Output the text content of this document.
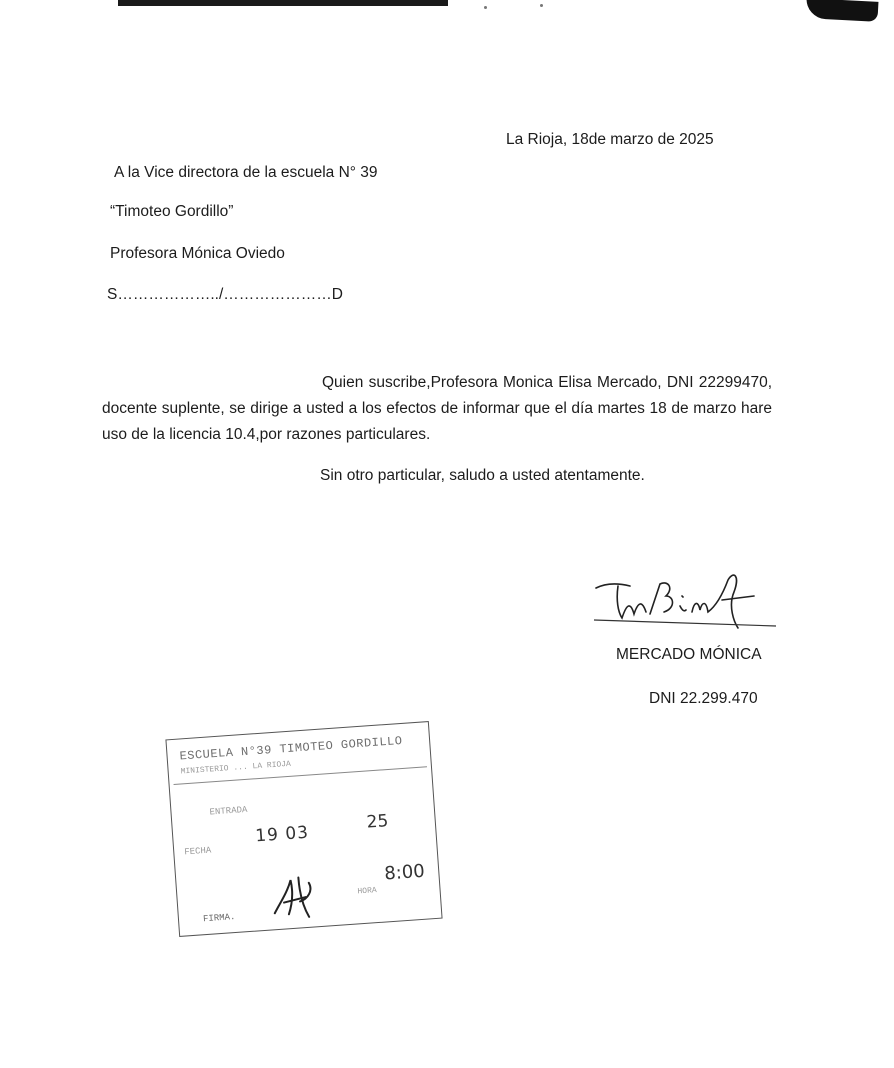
La Rioja, 18de marzo de 2025
A la Vice directora de la escuela N° 39
“Timoteo Gordillo”
Profesora Mónica Oviedo
S………………../…………………D
Quien suscribe,Profesora Monica Elisa Mercado, DNI 22299470, docente suplente, se dirige a usted a los efectos de informar que el día martes 18 de marzo hare uso de la licencia 10.4,por razones particulares.
Sin otro particular, saludo a usted atentamente.
MERCADO MÓNICA
DNI 22.299.470
ESCUELA N°39 TIMOTEO GORDILLO
MINISTERIO ... LA RIOJA
ENTRADA
FECHA
19 03
25
HORA
8:00
FIRMA.
